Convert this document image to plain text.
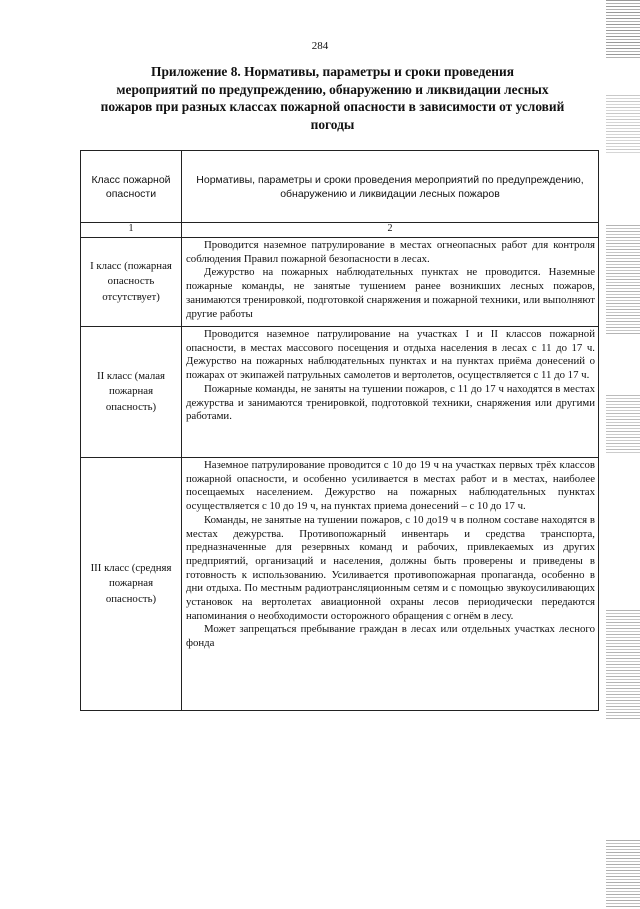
284
Приложение 8. Нормативы, параметры и сроки проведения
мероприятий по предупреждению, обнаружению и ликвидации лесных
пожаров при разных классах пожарной опасности в зависимости от условий
погоды
Класс пожарной опасности	Нормативы, параметры и сроки проведения мероприятий по предупреждению, обнаружению и ликвидации лесных пожаров
1	2
I класс (пожарная опасность отсутствует)	Проводится наземное патрулирование в местах огнеопасных работ для контроля соблюдения Правил пожарной безопасности в лесах.

Дежурство на пожарных наблюдательных пунктах не проводится. Наземные пожарные команды, не занятые тушением ранее возникших лесных пожаров, занимаются тренировкой, подготовкой снаряжения и пожарной техники, или выполняют другие работы

II класс (малая пожарная опасность)	Проводится наземное патрулирование на участках I и II классов пожарной опасности, в местах массового посещения и отдыха населения в лесах с 11 до 17 ч. Дежурство на пожарных наблюдательных пунктах и на пунктах приёма донесений о пожарах от экипажей патрульных самолетов и вертолетов, осуществляется с 11 до 17 ч.

Пожарные команды, не заняты на тушении пожаров, с 11 до 17 ч находятся в местах дежурства и занимаются тренировкой, подготовкой техники, снаряжения или другими работами.

III класс (средняя пожарная опасность)	Наземное патрулирование проводится с 10 до 19 ч на участках первых трёх классов пожарной опасности, и особенно усиливается в местах работ и в местах, наиболее посещаемых населением. Дежурство на пожарных наблюдательных пунктах осуществляется с 10 до 19 ч, на пунктах приема донесений – с 10 до 17 ч.

Команды, не занятые на тушении пожаров, с 10 до19 ч в полном составе находятся в местах дежурства. Противопожарный инвентарь и средства транспорта, предназначенные для резервных команд и рабочих, привлекаемых из других предприятий, организаций и населения, должны быть проверены и приведены в готовность к использованию. Усиливается противопожарная пропаганда, особенно в дни отдыха. По местным радиотрансляционным сетям и с помощью звукоусиливающих установок на вертолетах авиационной охраны лесов периодически передаются напоминания о необходимости осторожного обращения с огнём в лесу.

Может запрещаться пребывание граждан в лесах или отдельных участках лесного фонда
